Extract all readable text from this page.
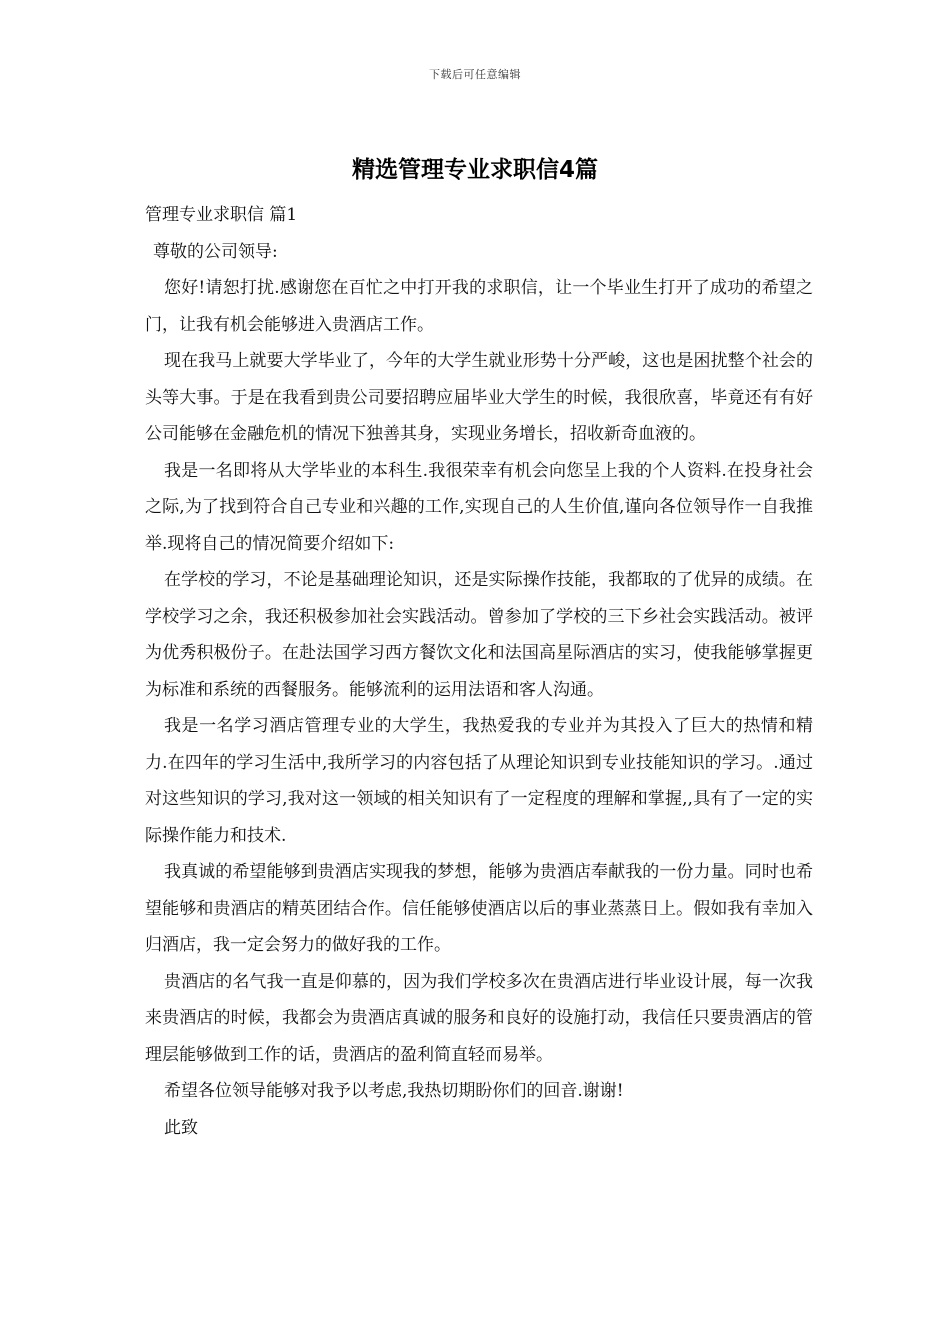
下载后可任意编辑
精选管理专业求职信4篇

管理专业求职信 篇1

尊敬的公司领导:

您好!请恕打扰.感谢您在百忙之中打开我的求职信，让一个毕业生打开了成功的希望之门，让我有机会能够进入贵酒店工作。

现在我马上就要大学毕业了，今年的大学生就业形势十分严峻，这也是困扰整个社会的头等大事。于是在我看到贵公司要招聘应届毕业大学生的时候，我很欣喜，毕竟还有有好公司能够在金融危机的情况下独善其身，实现业务增长，招收新奇血液的。

我是一名即将从大学毕业的本科生.我很荣幸有机会向您呈上我的个人资料.在投身社会之际,为了找到符合自己专业和兴趣的工作,实现自己的人生价值,谨向各位领导作一自我推举.现将自己的情况简要介绍如下:

在学校的学习，不论是基础理论知识，还是实际操作技能，我都取的了优异的成绩。在学校学习之余，我还积极参加社会实践活动。曾参加了学校的三下乡社会实践活动。被评为优秀积极份子。在赴法国学习西方餐饮文化和法国高星际酒店的实习，使我能够掌握更为标准和系统的西餐服务。能够流利的运用法语和客人沟通。

我是一名学习酒店管理专业的大学生，我热爱我的专业并为其投入了巨大的热情和精力.在四年的学习生活中,我所学习的内容包括了从理论知识到专业技能知识的学习。.通过对这些知识的学习,我对这一领域的相关知识有了一定程度的理解和掌握,,具有了一定的实际操作能力和技术.

我真诚的希望能够到贵酒店实现我的梦想，能够为贵酒店奉献我的一份力量。同时也希望能够和贵酒店的精英团结合作。信任能够使酒店以后的事业蒸蒸日上。假如我有幸加入归酒店，我一定会努力的做好我的工作。

贵酒店的名气我一直是仰慕的，因为我们学校多次在贵酒店进行毕业设计展，每一次我来贵酒店的时候，我都会为贵酒店真诚的服务和良好的设施打动，我信任只要贵酒店的管理层能够做到工作的话，贵酒店的盈利简直轻而易举。

希望各位领导能够对我予以考虑,我热切期盼你们的回音.谢谢!

此致
